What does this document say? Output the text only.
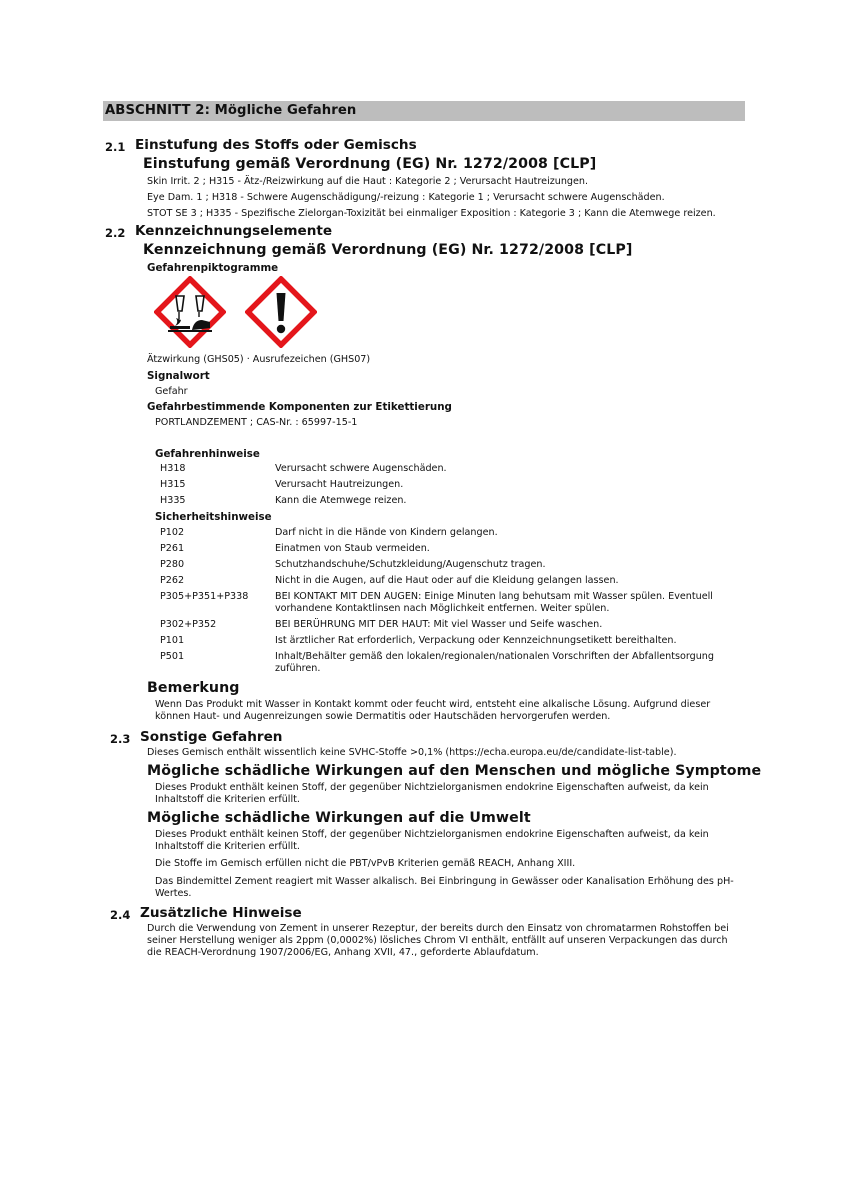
ABSCHNITT 2: Mögliche Gefahren
2.1 Einstufung des Stoffs oder Gemischs
Einstufung gemäß Verordnung (EG) Nr. 1272/2008 [CLP]
Skin Irrit. 2 ; H315 - Ätz-/Reizwirkung auf die Haut : Kategorie 2 ; Verursacht Hautreizungen.
Eye Dam. 1 ; H318 - Schwere Augenschädigung/-reizung : Kategorie 1 ; Verursacht schwere Augenschäden.
STOT SE 3 ; H335 - Spezifische Zielorgan-Toxizität bei einmaliger Exposition : Kategorie 3 ; Kann die Atemwege reizen.
2.2 Kennzeichnungselemente
Kennzeichnung gemäß Verordnung (EG) Nr. 1272/2008 [CLP]
Gefahrenpiktogramme
Ätzwirkung (GHS05) · Ausrufezeichen (GHS07)
Signalwort
Gefahr
Gefahrbestimmende Komponenten zur Etikettierung
PORTLANDZEMENT ; CAS-Nr. : 65997-15-1
Gefahrenhinweise
H318	Verursacht schwere Augenschäden.
H315	Verursacht Hautreizungen.
H335	Kann die Atemwege reizen.
Sicherheitshinweise
P102	Darf nicht in die Hände von Kindern gelangen.
P261	Einatmen von Staub vermeiden.
P280	Schutzhandschuhe/Schutzkleidung/Augenschutz tragen.
P262	Nicht in die Augen, auf die Haut oder auf die Kleidung gelangen lassen.
P305+P351+P338	BEI KONTAKT MIT DEN AUGEN: Einige Minuten lang behutsam mit Wasser spülen. Eventuell vorhandene Kontaktlinsen nach Möglichkeit entfernen. Weiter spülen.
P302+P352	BEI BERÜHRUNG MIT DER HAUT: Mit viel Wasser und Seife waschen.
P101	Ist ärztlicher Rat erforderlich, Verpackung oder Kennzeichnungsetikett bereithalten.
P501	Inhalt/Behälter gemäß den lokalen/regionalen/nationalen Vorschriften der Abfallentsorgung zuführen.
Bemerkung
Wenn Das Produkt mit Wasser in Kontakt kommt oder feucht wird, entsteht eine alkalische Lösung. Aufgrund dieser können Haut- und Augenreizungen sowie Dermatitis oder Hautschäden hervorgerufen werden.
2.3 Sonstige Gefahren
Dieses Gemisch enthält wissentlich keine SVHC-Stoffe >0,1% (https://echa.europa.eu/de/candidate-list-table).
Mögliche schädliche Wirkungen auf den Menschen und mögliche Symptome
Dieses Produkt enthält keinen Stoff, der gegenüber Nichtzielorganismen endokrine Eigenschaften aufweist, da kein Inhaltstoff die Kriterien erfüllt.
Mögliche schädliche Wirkungen auf die Umwelt
Dieses Produkt enthält keinen Stoff, der gegenüber Nichtzielorganismen endokrine Eigenschaften aufweist, da kein Inhaltstoff die Kriterien erfüllt.
Die Stoffe im Gemisch erfüllen nicht die PBT/vPvB Kriterien gemäß REACH, Anhang XIII.
Das Bindemittel Zement reagiert mit Wasser alkalisch. Bei Einbringung in Gewässer oder Kanalisation Erhöhung des pH-Wertes.
2.4 Zusätzliche Hinweise
Durch die Verwendung von Zement in unserer Rezeptur, der bereits durch den Einsatz von chromatarmen Rohstoffen bei seiner Herstellung weniger als 2ppm (0,0002%) lösliches Chrom VI enthält, entfällt auf unseren Verpackungen das durch die REACH-Verordnung 1907/2006/EG, Anhang XVII, 47., geforderte Ablaufdatum.
